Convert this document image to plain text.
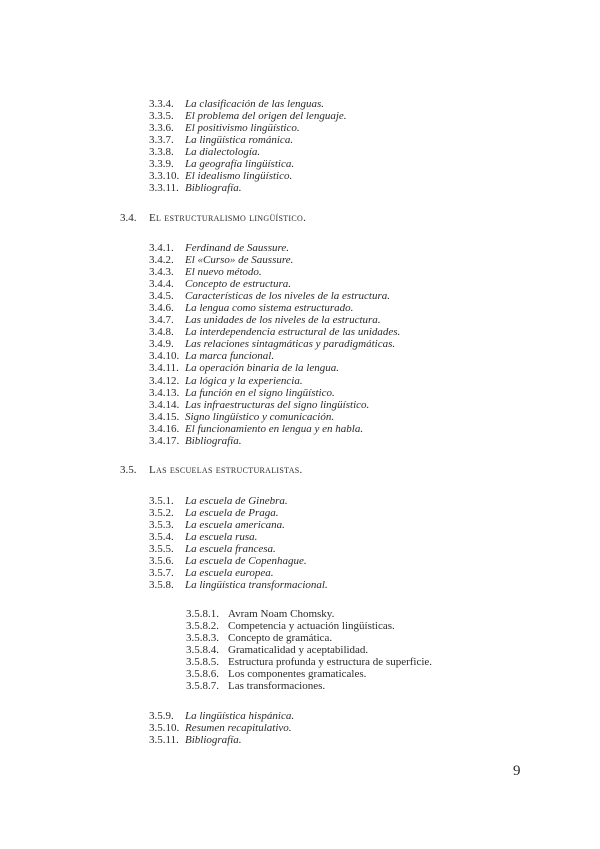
3.3.4. La clasificación de las lenguas.
3.3.5. El problema del origen del lenguaje.
3.3.6. El positivismo lingüístico.
3.3.7. La lingüística románica.
3.3.8. La dialectología.
3.3.9. La geografía lingüística.
3.3.10. El idealismo lingüístico.
3.3.11. Bibliografía.
3.4. El estructuralismo lingüístico.
3.4.1. Ferdinand de Saussure.
3.4.2. El «Curso» de Saussure.
3.4.3. El nuevo método.
3.4.4. Concepto de estructura.
3.4.5. Características de los niveles de la estructura.
3.4.6. La lengua como sistema estructurado.
3.4.7. Las unidades de los niveles de la estructura.
3.4.8. La interdependencia estructural de las unidades.
3.4.9. Las relaciones sintagmáticas y paradigmáticas.
3.4.10. La marca funcional.
3.4.11. La operación binaria de la lengua.
3.4.12. La lógica y la experiencia.
3.4.13. La función en el signo lingüístico.
3.4.14. Las infraestructuras del signo lingüístico.
3.4.15. Signo lingüístico y comunicación.
3.4.16. El funcionamiento en lengua y en habla.
3.4.17. Bibliografía.
3.5. Las escuelas estructuralistas.
3.5.1. La escuela de Ginebra.
3.5.2. La escuela de Praga.
3.5.3. La escuela americana.
3.5.4. La escuela rusa.
3.5.5. La escuela francesa.
3.5.6. La escuela de Copenhague.
3.5.7. La escuela europea.
3.5.8. La lingüística transformacional.
3.5.8.1. Avram Noam Chomsky.
3.5.8.2. Competencia y actuación lingüísticas.
3.5.8.3. Concepto de gramática.
3.5.8.4. Gramaticalidad y aceptabilidad.
3.5.8.5. Estructura profunda y estructura de superficie.
3.5.8.6. Los componentes gramaticales.
3.5.8.7. Las transformaciones.
3.5.9. La lingüística hispánica.
3.5.10. Resumen recapitulativo.
3.5.11. Bibliografía.
9
